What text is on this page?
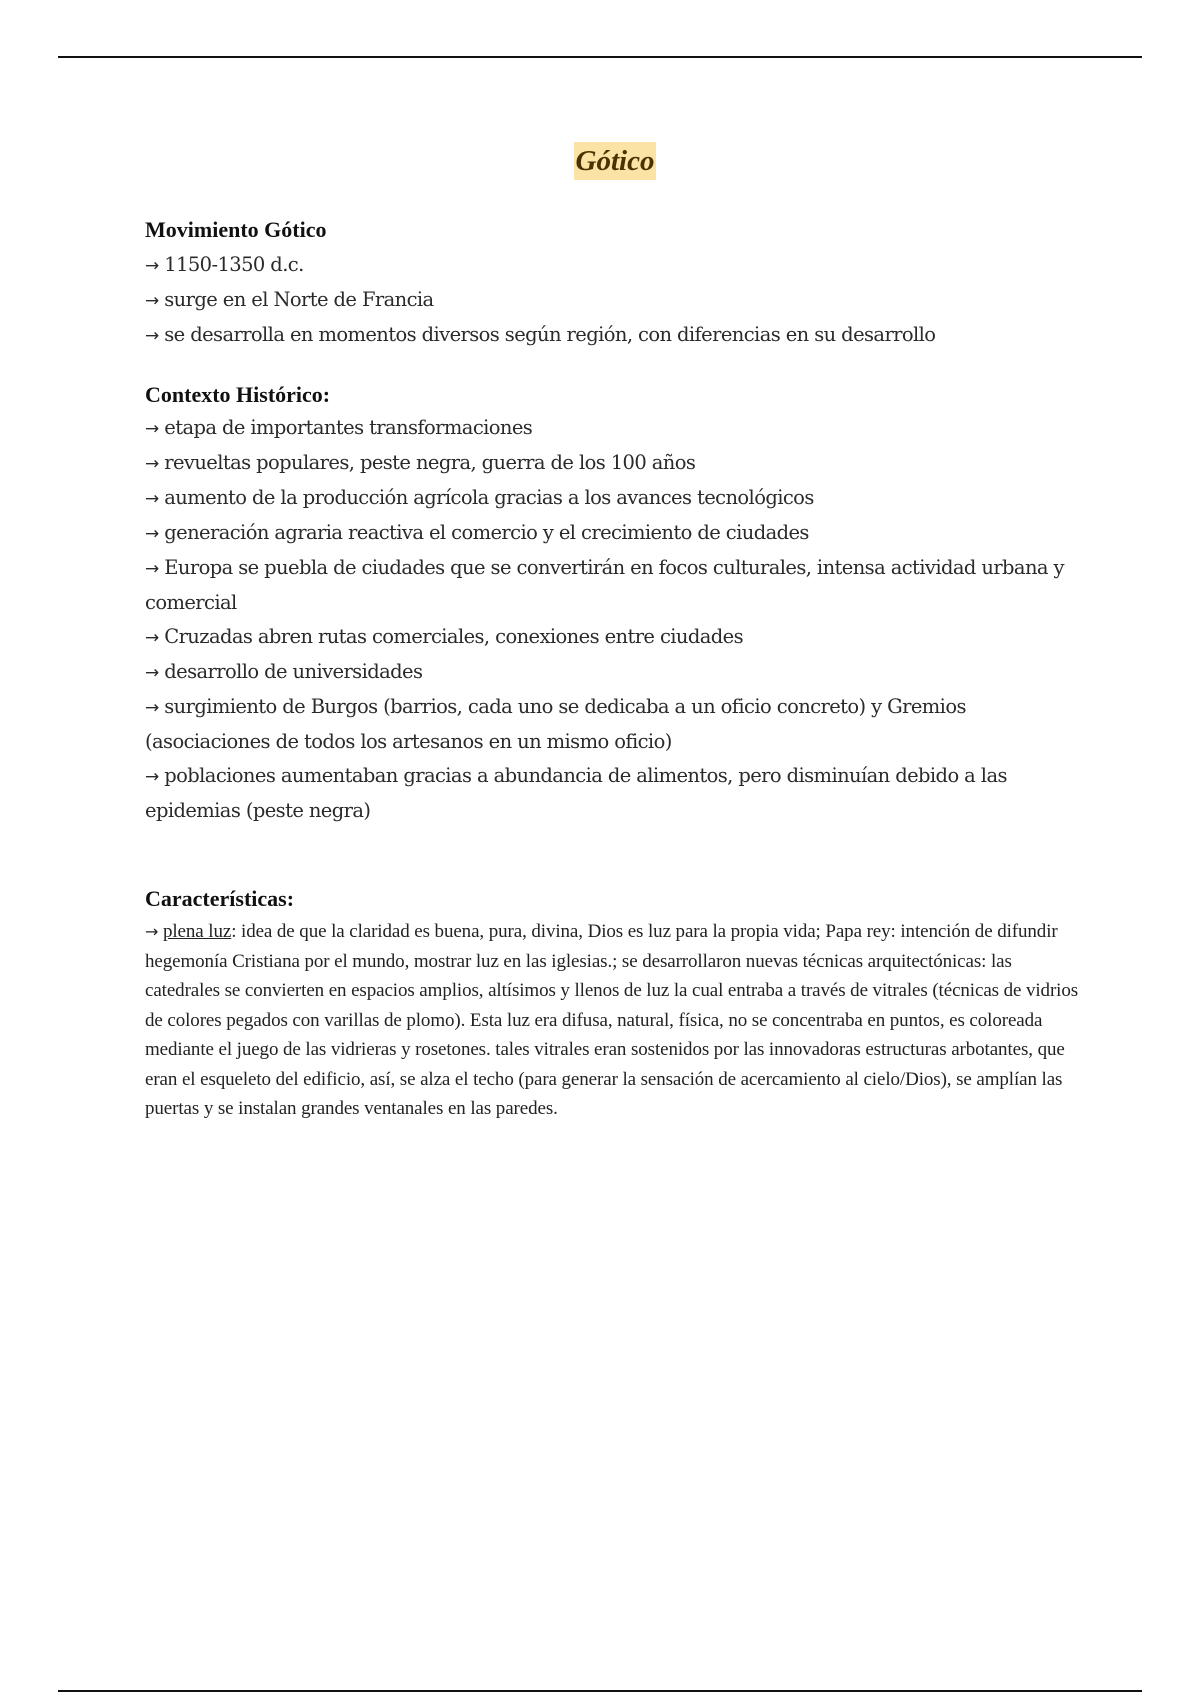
Gótico
Movimiento Gótico
→ 1150-1350 d.c.
→ surge en el Norte de Francia
→ se desarrolla en momentos diversos según región, con diferencias en su desarrollo
Contexto Histórico:
→ etapa de importantes transformaciones
→ revueltas populares, peste negra, guerra de los 100 años
→ aumento de la producción agrícola gracias a los avances tecnológicos
→ generación agraria reactiva el comercio y el crecimiento de ciudades
→ Europa se puebla de ciudades que se convertirán en focos culturales, intensa actividad urbana y comercial
→ Cruzadas abren rutas comerciales, conexiones entre ciudades
→ desarrollo de universidades
→ surgimiento de Burgos (barrios, cada uno se dedicaba a un oficio concreto) y Gremios (asociaciones de todos los artesanos en un mismo oficio)
→ poblaciones aumentaban gracias a abundancia de alimentos, pero disminuían debido a las epidemias (peste negra)
Características:
→ plena luz: idea de que la claridad es buena, pura, divina, Dios es luz para la propia vida; Papa rey: intención de difundir hegemonía Cristiana por el mundo, mostrar luz en las iglesias.; se desarrollaron nuevas técnicas arquitectónicas: las catedrales se convierten en espacios amplios, altísimos y llenos de luz la cual entraba a través de vitrales (técnicas de vidrios de colores pegados con varillas de plomo). Esta luz era difusa, natural, física, no se concentraba en puntos, es coloreada mediante el juego de las vidrieras y rosetones. tales vitrales eran sostenidos por las innovadoras estructuras arbotantes, que eran el esqueleto del edificio, así, se alza el techo (para generar la sensación de acercamiento al cielo/Dios), se amplían las puertas y se instalan grandes ventanales en las paredes.
